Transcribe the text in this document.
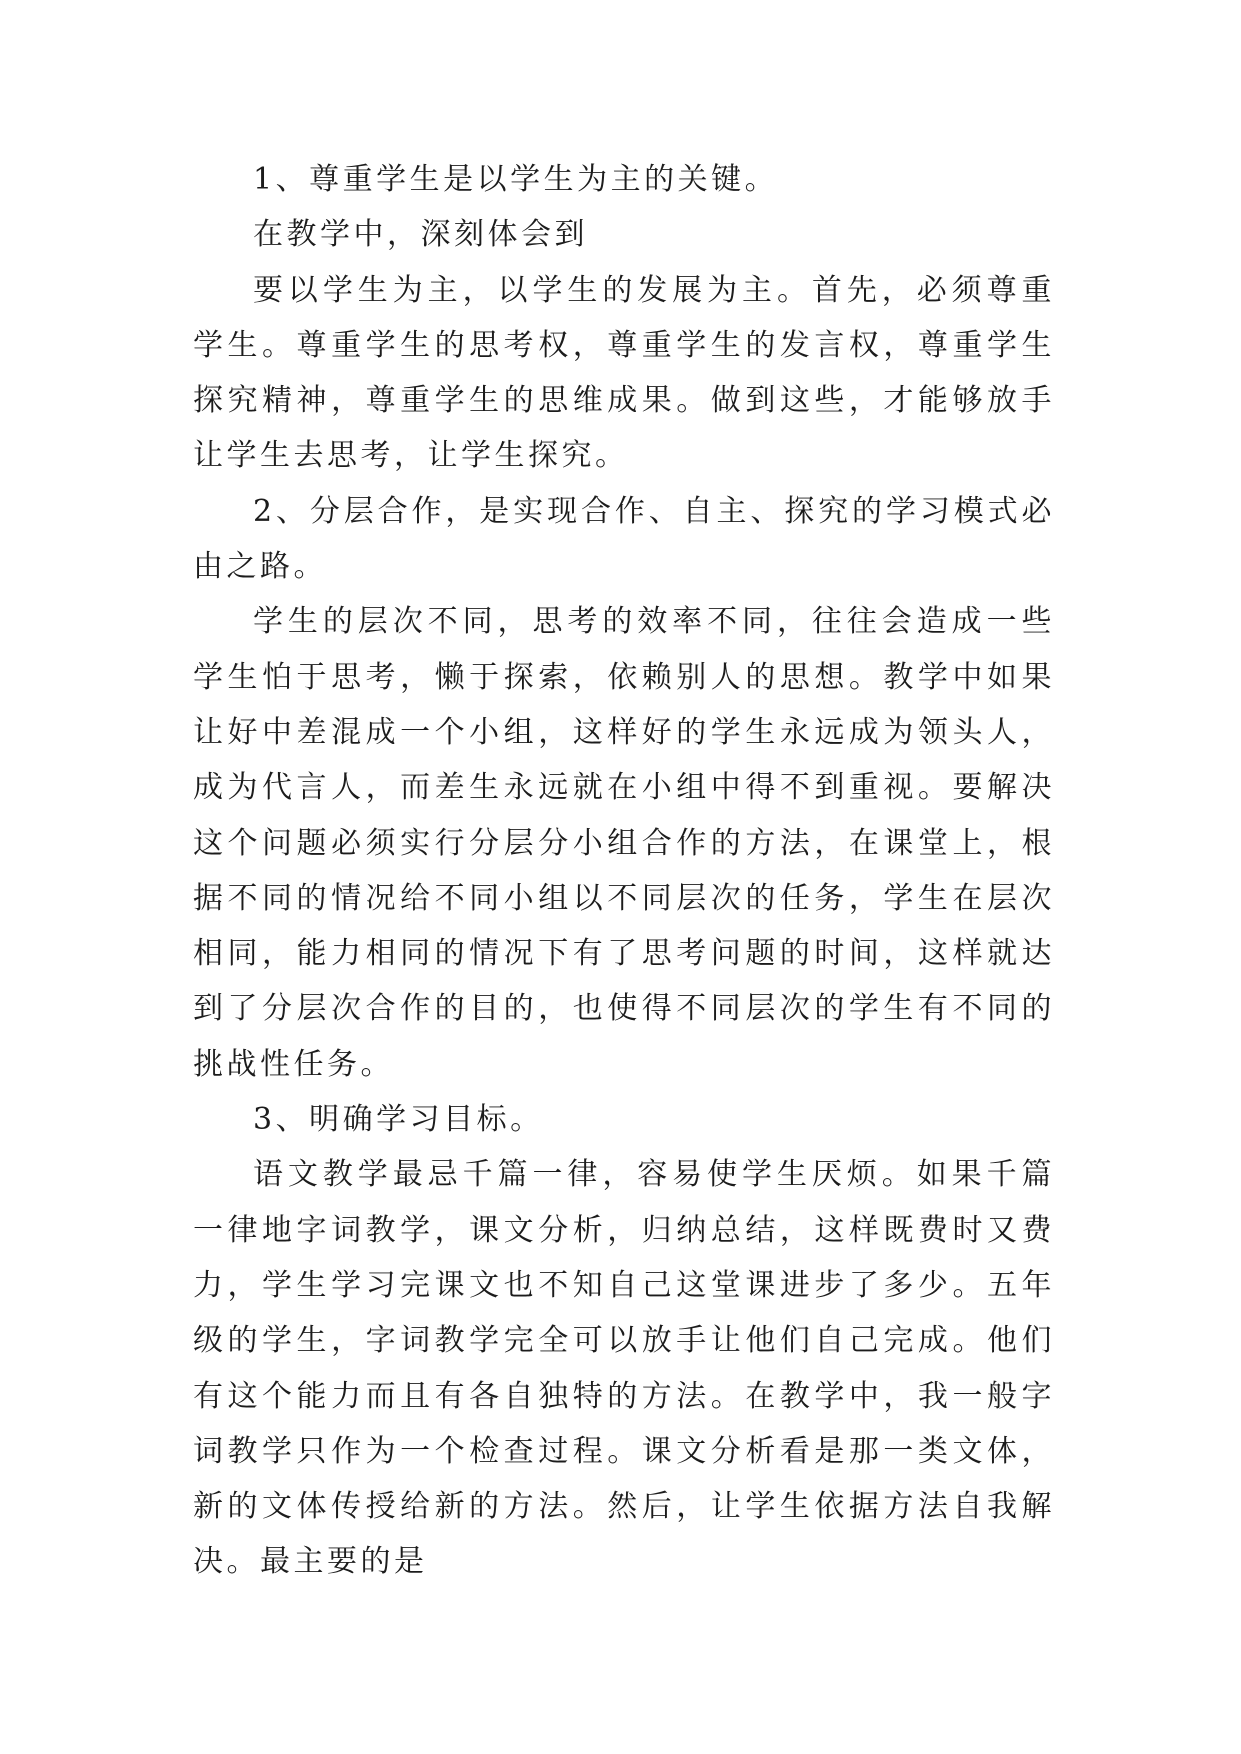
1、尊重学生是以学生为主的关键。

在教学中，深刻体会到

要以学生为主，以学生的发展为主。首先，必须尊重学生。尊重学生的思考权，尊重学生的发言权，尊重学生探究精神，尊重学生的思维成果。做到这些，才能够放手让学生去思考，让学生探究。

2、分层合作，是实现合作、自主、探究的学习模式必由之路。

学生的层次不同，思考的效率不同，往往会造成一些学生怕于思考，懒于探索，依赖别人的思想。教学中如果让好中差混成一个小组，这样好的学生永远成为领头人，成为代言人，而差生永远就在小组中得不到重视。要解决这个问题必须实行分层分小组合作的方法，在课堂上，根据不同的情况给不同小组以不同层次的任务，学生在层次相同，能力相同的情况下有了思考问题的时间，这样就达到了分层次合作的目的，也使得不同层次的学生有不同的挑战性任务。

3、明确学习目标。

语文教学最忌千篇一律，容易使学生厌烦。如果千篇一律地字词教学，课文分析，归纳总结，这样既费时又费力，学生学习完课文也不知自己这堂课进步了多少。五年级的学生，字词教学完全可以放手让他们自己完成。他们有这个能力而且有各自独特的方法。在教学中，我一般字词教学只作为一个检查过程。课文分析看是那一类文体，新的文体传授给新的方法。然后，让学生依据方法自我解决。最主要的是
